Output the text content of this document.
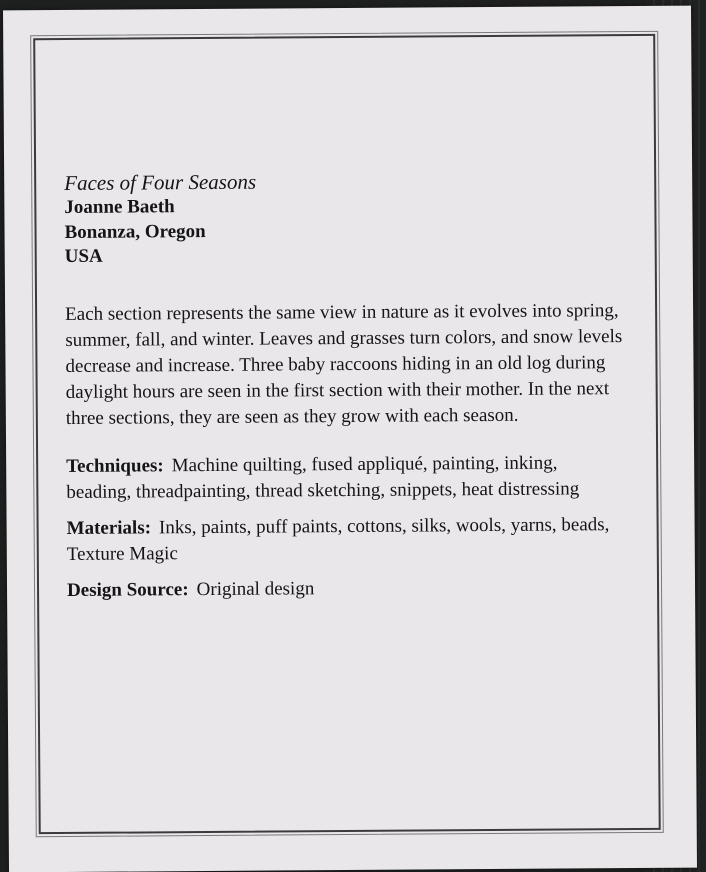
Faces of Four Seasons

Joanne Baeth

Bonanza, Oregon

USA

Each section represents the same view in nature as it evolves into spring, summer, fall, and winter. Leaves and grasses turn colors, and snow levels decrease and increase. Three baby raccoons hiding in an old log during daylight hours are seen in the first section with their mother. In the next three sections, they are seen as they grow with each season.

Techniques: Machine quilting, fused appliqué, painting, inking, beading, threadpainting, thread sketching, snippets, heat distressing

Materials: Inks, paints, puff paints, cottons, silks, wools, yarns, beads, Texture Magic

Design Source: Original design
